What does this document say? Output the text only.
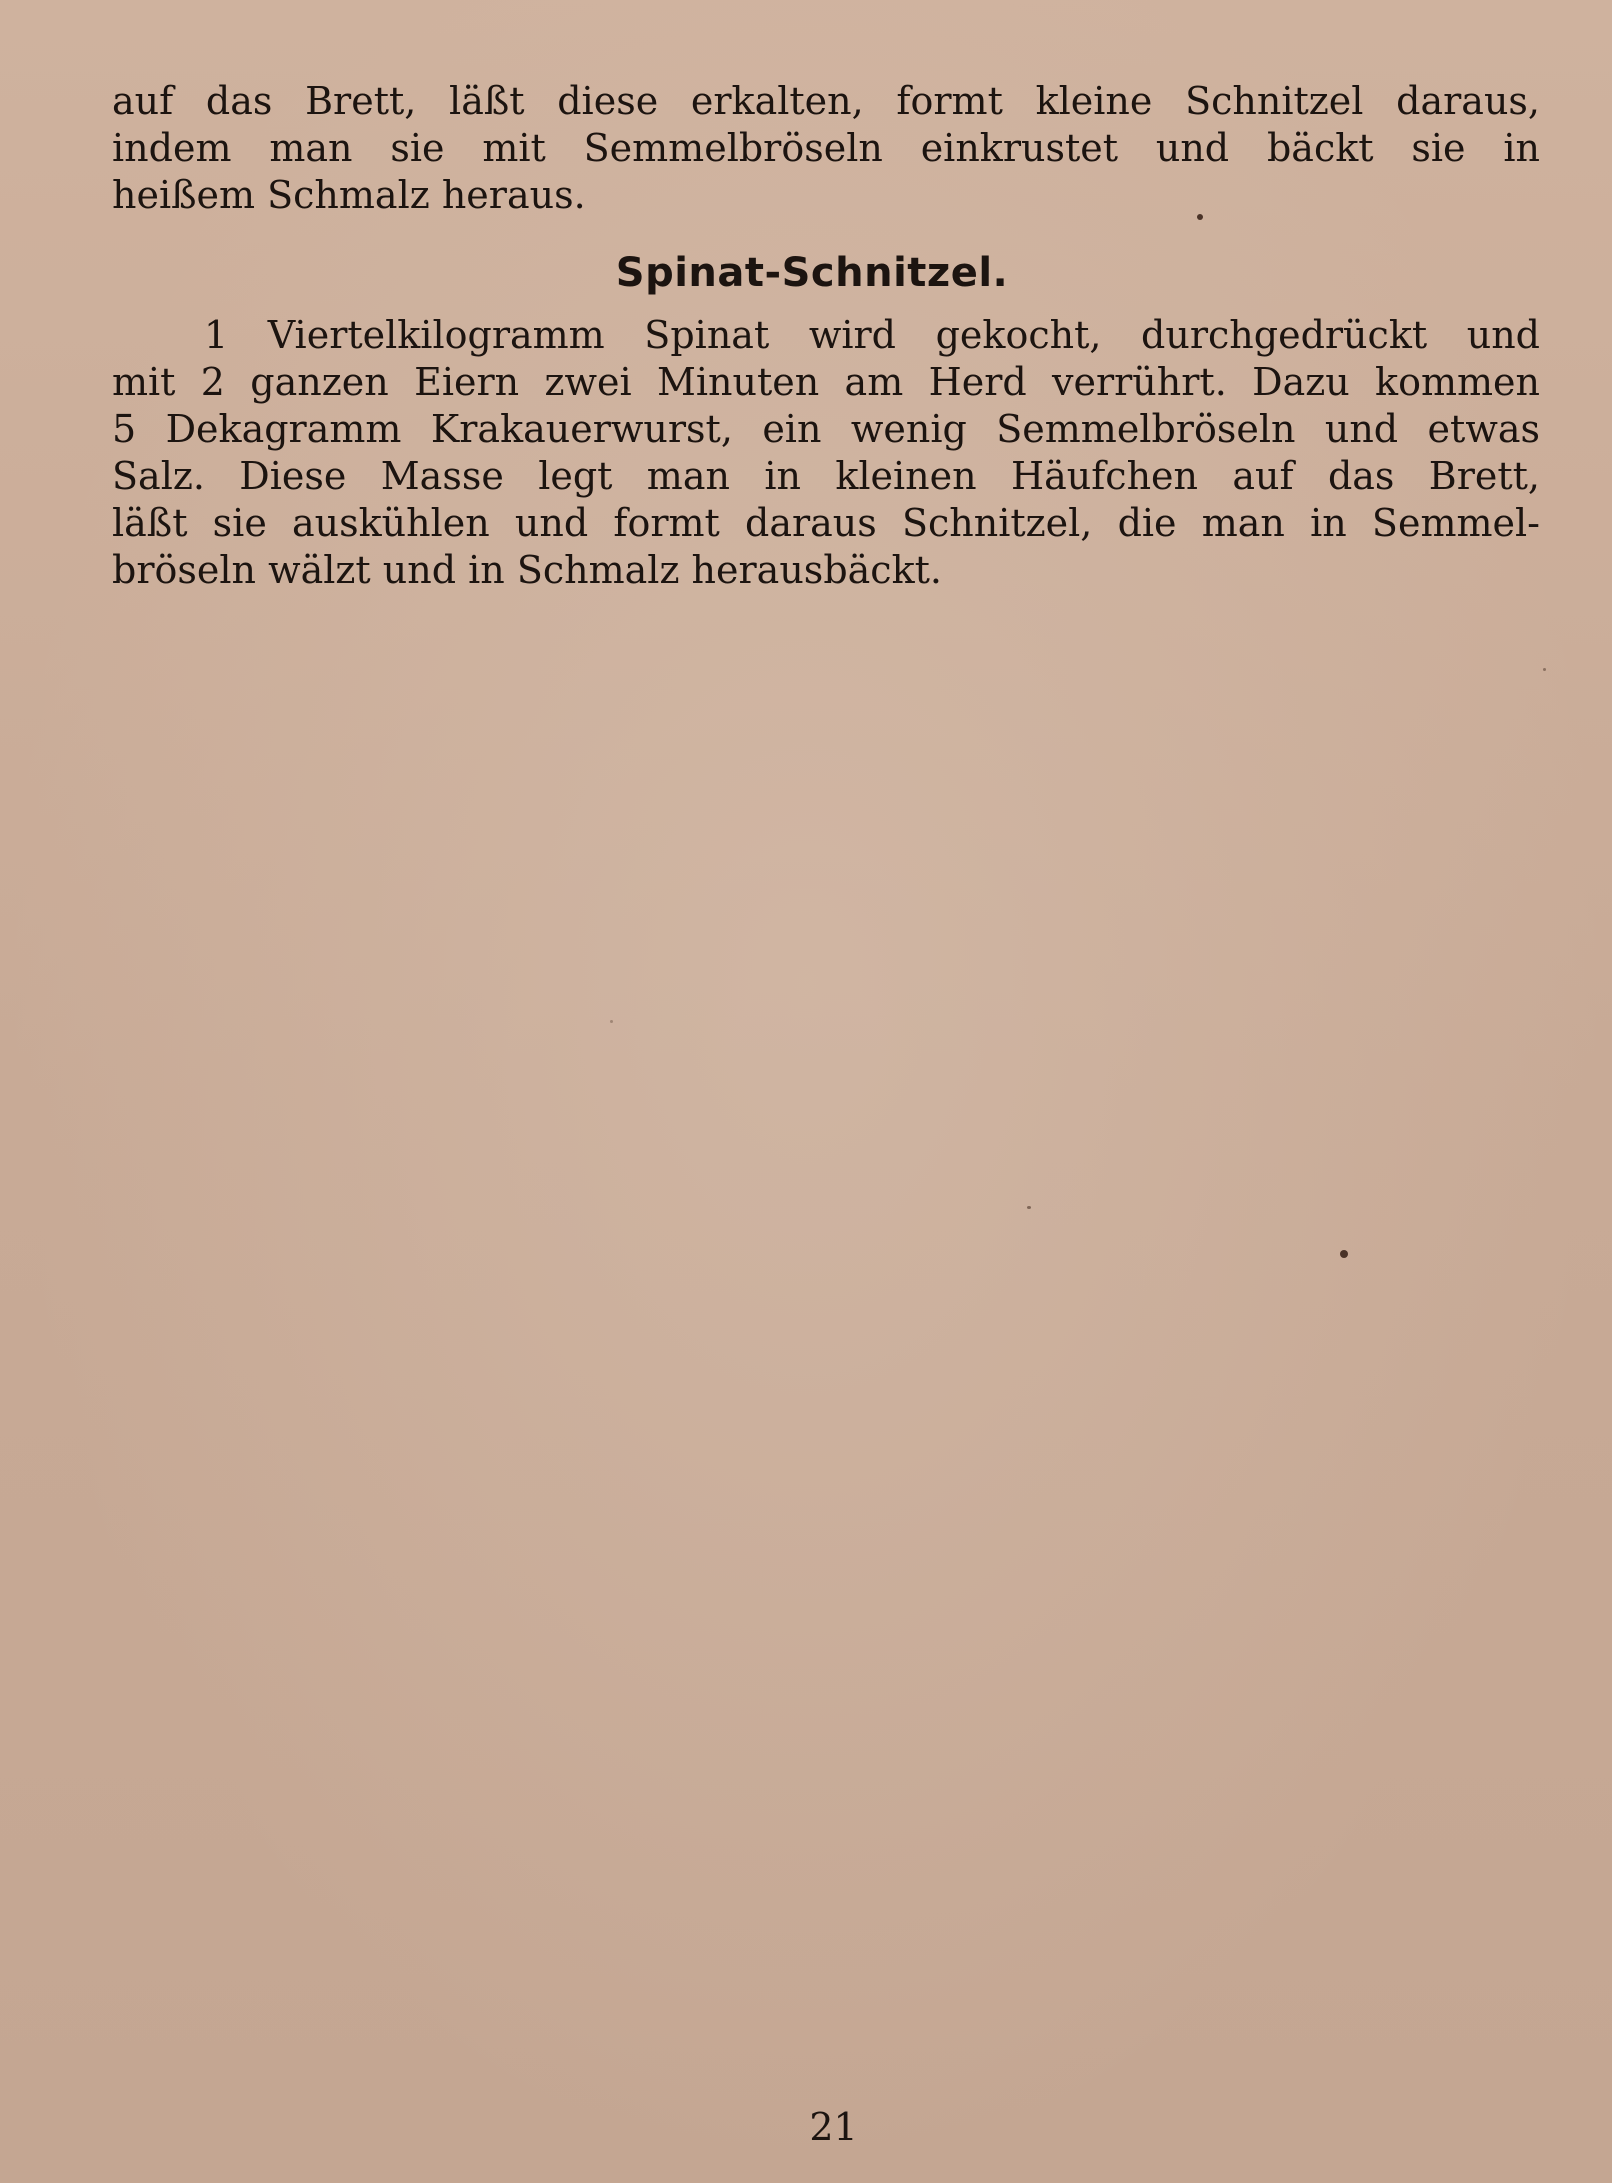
auf das Brett, läßt diese erkalten, formt kleine Schnitzel daraus,
indem man sie mit Semmelbröseln einkrustet und bäckt sie in
heißem Schmalz heraus.
Spinat-Schnitzel.
1 Viertelkilogramm Spinat wird gekocht, durchgedrückt und
mit 2 ganzen Eiern zwei Minuten am Herd verrührt. Dazu kommen
5 Dekagramm Krakauerwurst, ein wenig Semmelbröseln und etwas
Salz. Diese Masse legt man in kleinen Häufchen auf das Brett,
läßt sie auskühlen und formt daraus Schnitzel, die man in Semmel-
bröseln wälzt und in Schmalz herausbäckt.
21
